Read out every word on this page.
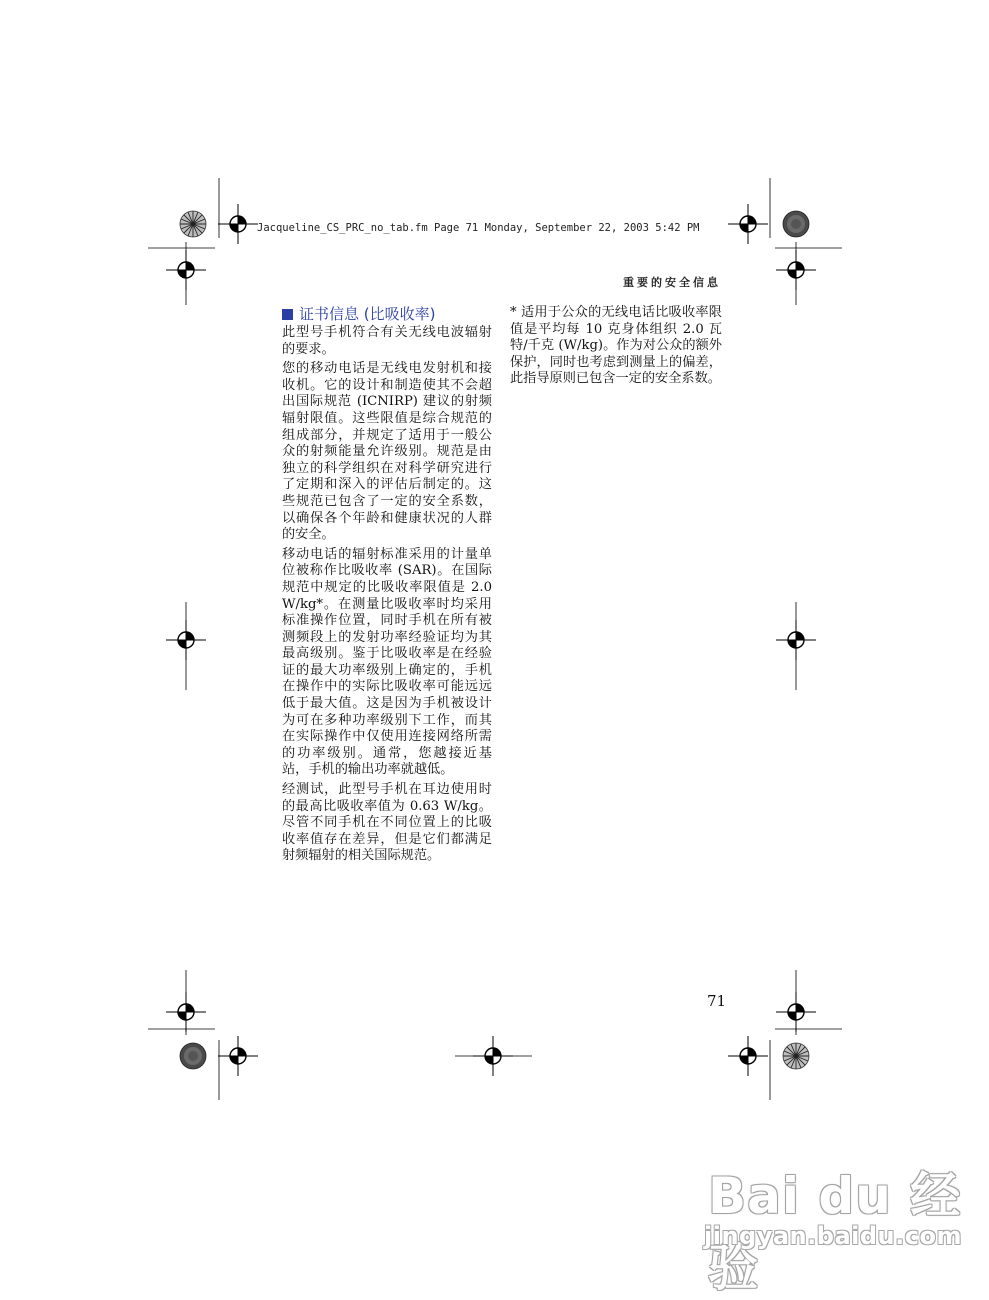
Jacqueline_CS_PRC_no_tab.fm Page 71 Monday, September 22, 2003 5:42 PM
重要的安全信息
证书信息 (比吸收率)

此型号手机符合有关无线电波辐射的要求。

您的移动电话是无线电发射机和接收机。它的设计和制造使其不会超出国际规范 (ICNIRP) 建议的射频辐射限值。这些限值是综合规范的组成部分，并规定了适用于一般公众的射频能量允许级别。规范是由独立的科学组织在对科学研究进行了定期和深入的评估后制定的。这些规范已包含了一定的安全系数，以确保各个年龄和健康状况的人群的安全。

移动电话的辐射标准采用的计量单位被称作比吸收率 (SAR)。在国际规范中规定的比吸收率限值是 2.0 W/kg*。在测量比吸收率时均采用标准操作位置，同时手机在所有被测频段上的发射功率经验证均为其最高级别。鉴于比吸收率是在经验证的最大功率级别上确定的，手机在操作中的实际比吸收率可能远远低于最大值。这是因为手机被设计为可在多种功率级别下工作，而其在实际操作中仅使用连接网络所需的功率级别。通常，您越接近基站，手机的输出功率就越低。

经测试，此型号手机在耳边使用时的最高比吸收率值为 0.63 W/kg。尽管不同手机在不同位置上的比吸收率值存在差异，但是它们都满足射频辐射的相关国际规范。

* 适用于公众的无线电话比吸收率限值是平均每 10 克身体组织 2.0 瓦特/千克 (W/kg)。作为对公众的额外保护，同时也考虑到测量上的偏差，此指导原则已包含一定的安全系数。

71
Bai du 经验
jingyan.baidu.com
